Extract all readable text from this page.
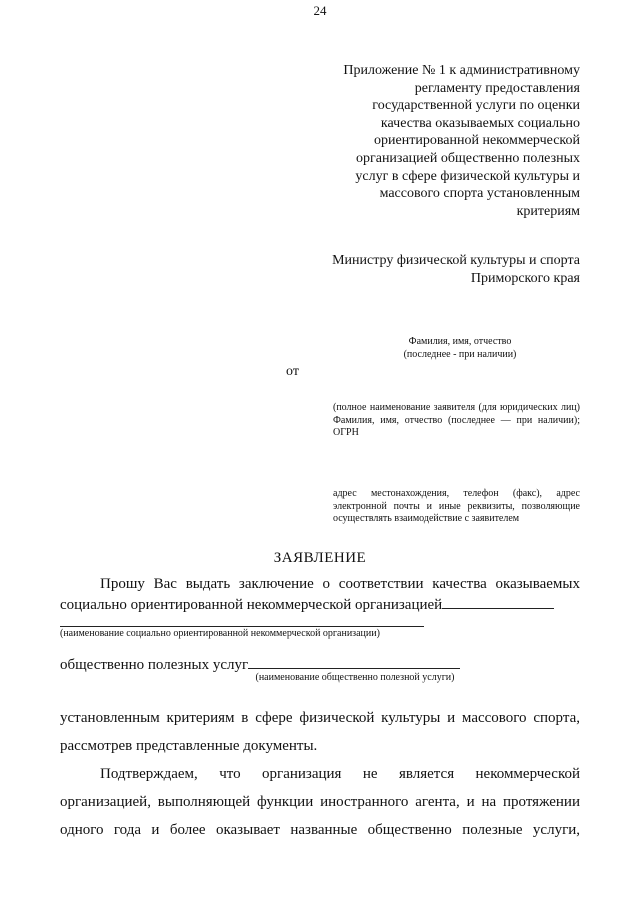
24
Приложение № 1 к административному
регламенту предоставления
государственной услуги по оценки
качества оказываемых социально
ориентированной некоммерческой
организацией общественно полезных
услуг в сфере физической культуры и
массового спорта установленным
критериям
Министру физической культуры и спорта
Приморского края
Фамилия, имя, отчество
(последнее - при наличии)
от
(полное наименование заявителя (для юридических лиц) Фамилия, имя, отчество (последнее — при наличии); ОГРН
адрес местонахождения, телефон (факс), адрес электронной почты и иные реквизиты, позволяющие осуществлять взаимодействие с заявителем
ЗАЯВЛЕНИЕ
Прошу Вас выдать заключение о соответствии качества оказываемых
социально ориентированной некоммерческой организацией
(наименование социально ориентированной некоммерческой организации)
общественно полезных услуг
(наименование общественно полезной услуги)
установленным критериям в сфере физической культуры и массового спорта,
рассмотрев представленные документы.
Подтверждаем, что организация не является некоммерческой
организацией, выполняющей функции иностранного агента, и на протяжении
одного года и более оказывает названные общественно полезные услуги,
